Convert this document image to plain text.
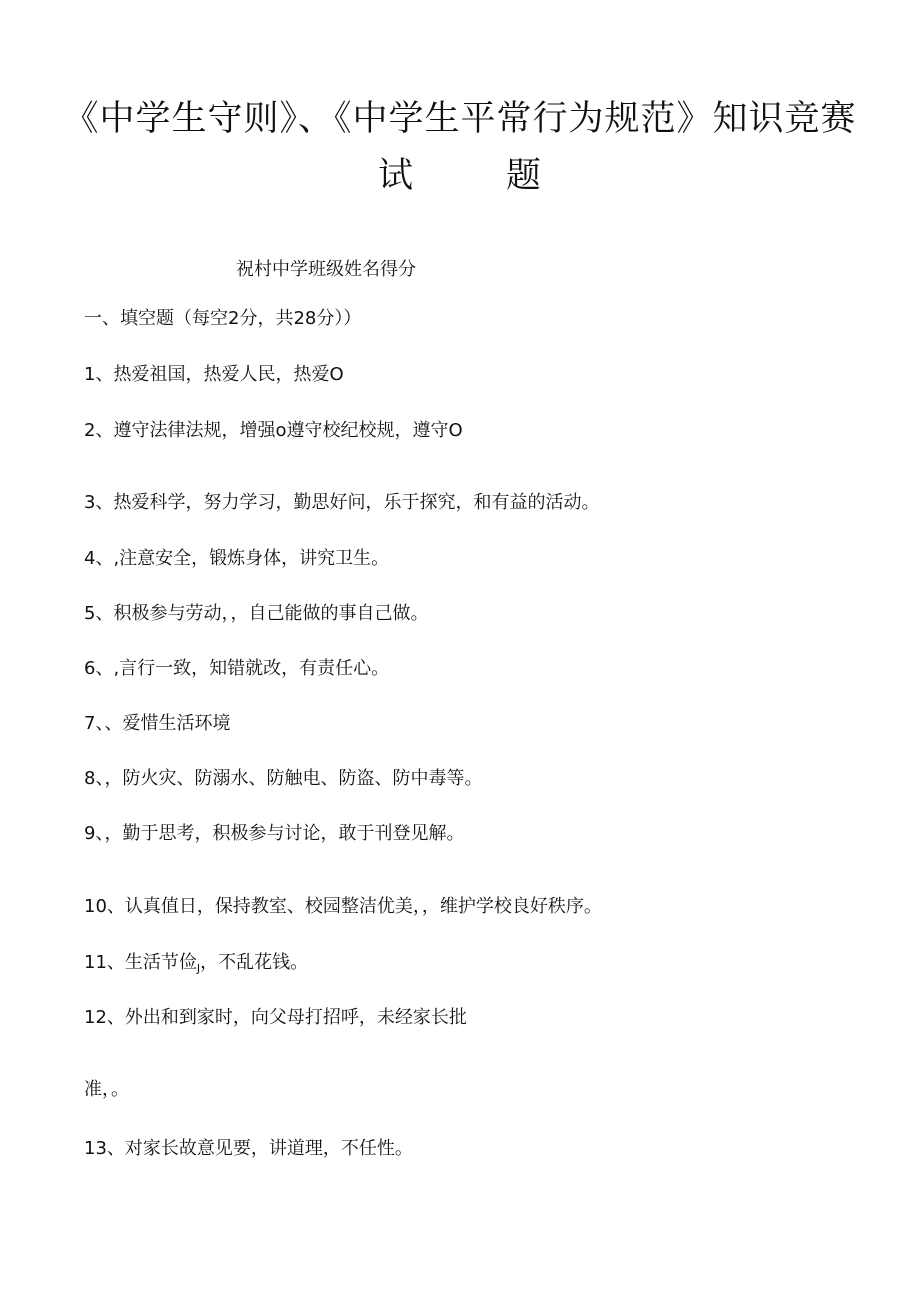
《中学生守则》、《中学生平常行为规范》知识竞赛
试	题
祝村中学班级姓名得分
一、填空题（每空2分，共28分））
1、热爱祖国，热爱人民，热爱O
2、遵守法律法规，增强o遵守校纪校规，遵守O
3、热爱科学，努力学习，勤思好问，乐于探究，和有益的活动。
4、,注意安全，锻炼身体，讲究卫生。
5、积极参与劳动，，自己能做的事自己做。
6、,言行一致，知错就改，有责任心。
7、、爱惜生活环境
8、，防火灾、防溺水、防触电、防盗、防中毒等。
9、，勤于思考，积极参与讨论，敢于刊登见解。
10、认真值日，保持教室、校园整洁优美，，维护学校良好秩序。
11、生活节俭$_J$，不乱花钱。
12、外出和到家时，向父母打招呼，未经家长批
准，。
13、对家长故意见要，讲道理，不任性。
